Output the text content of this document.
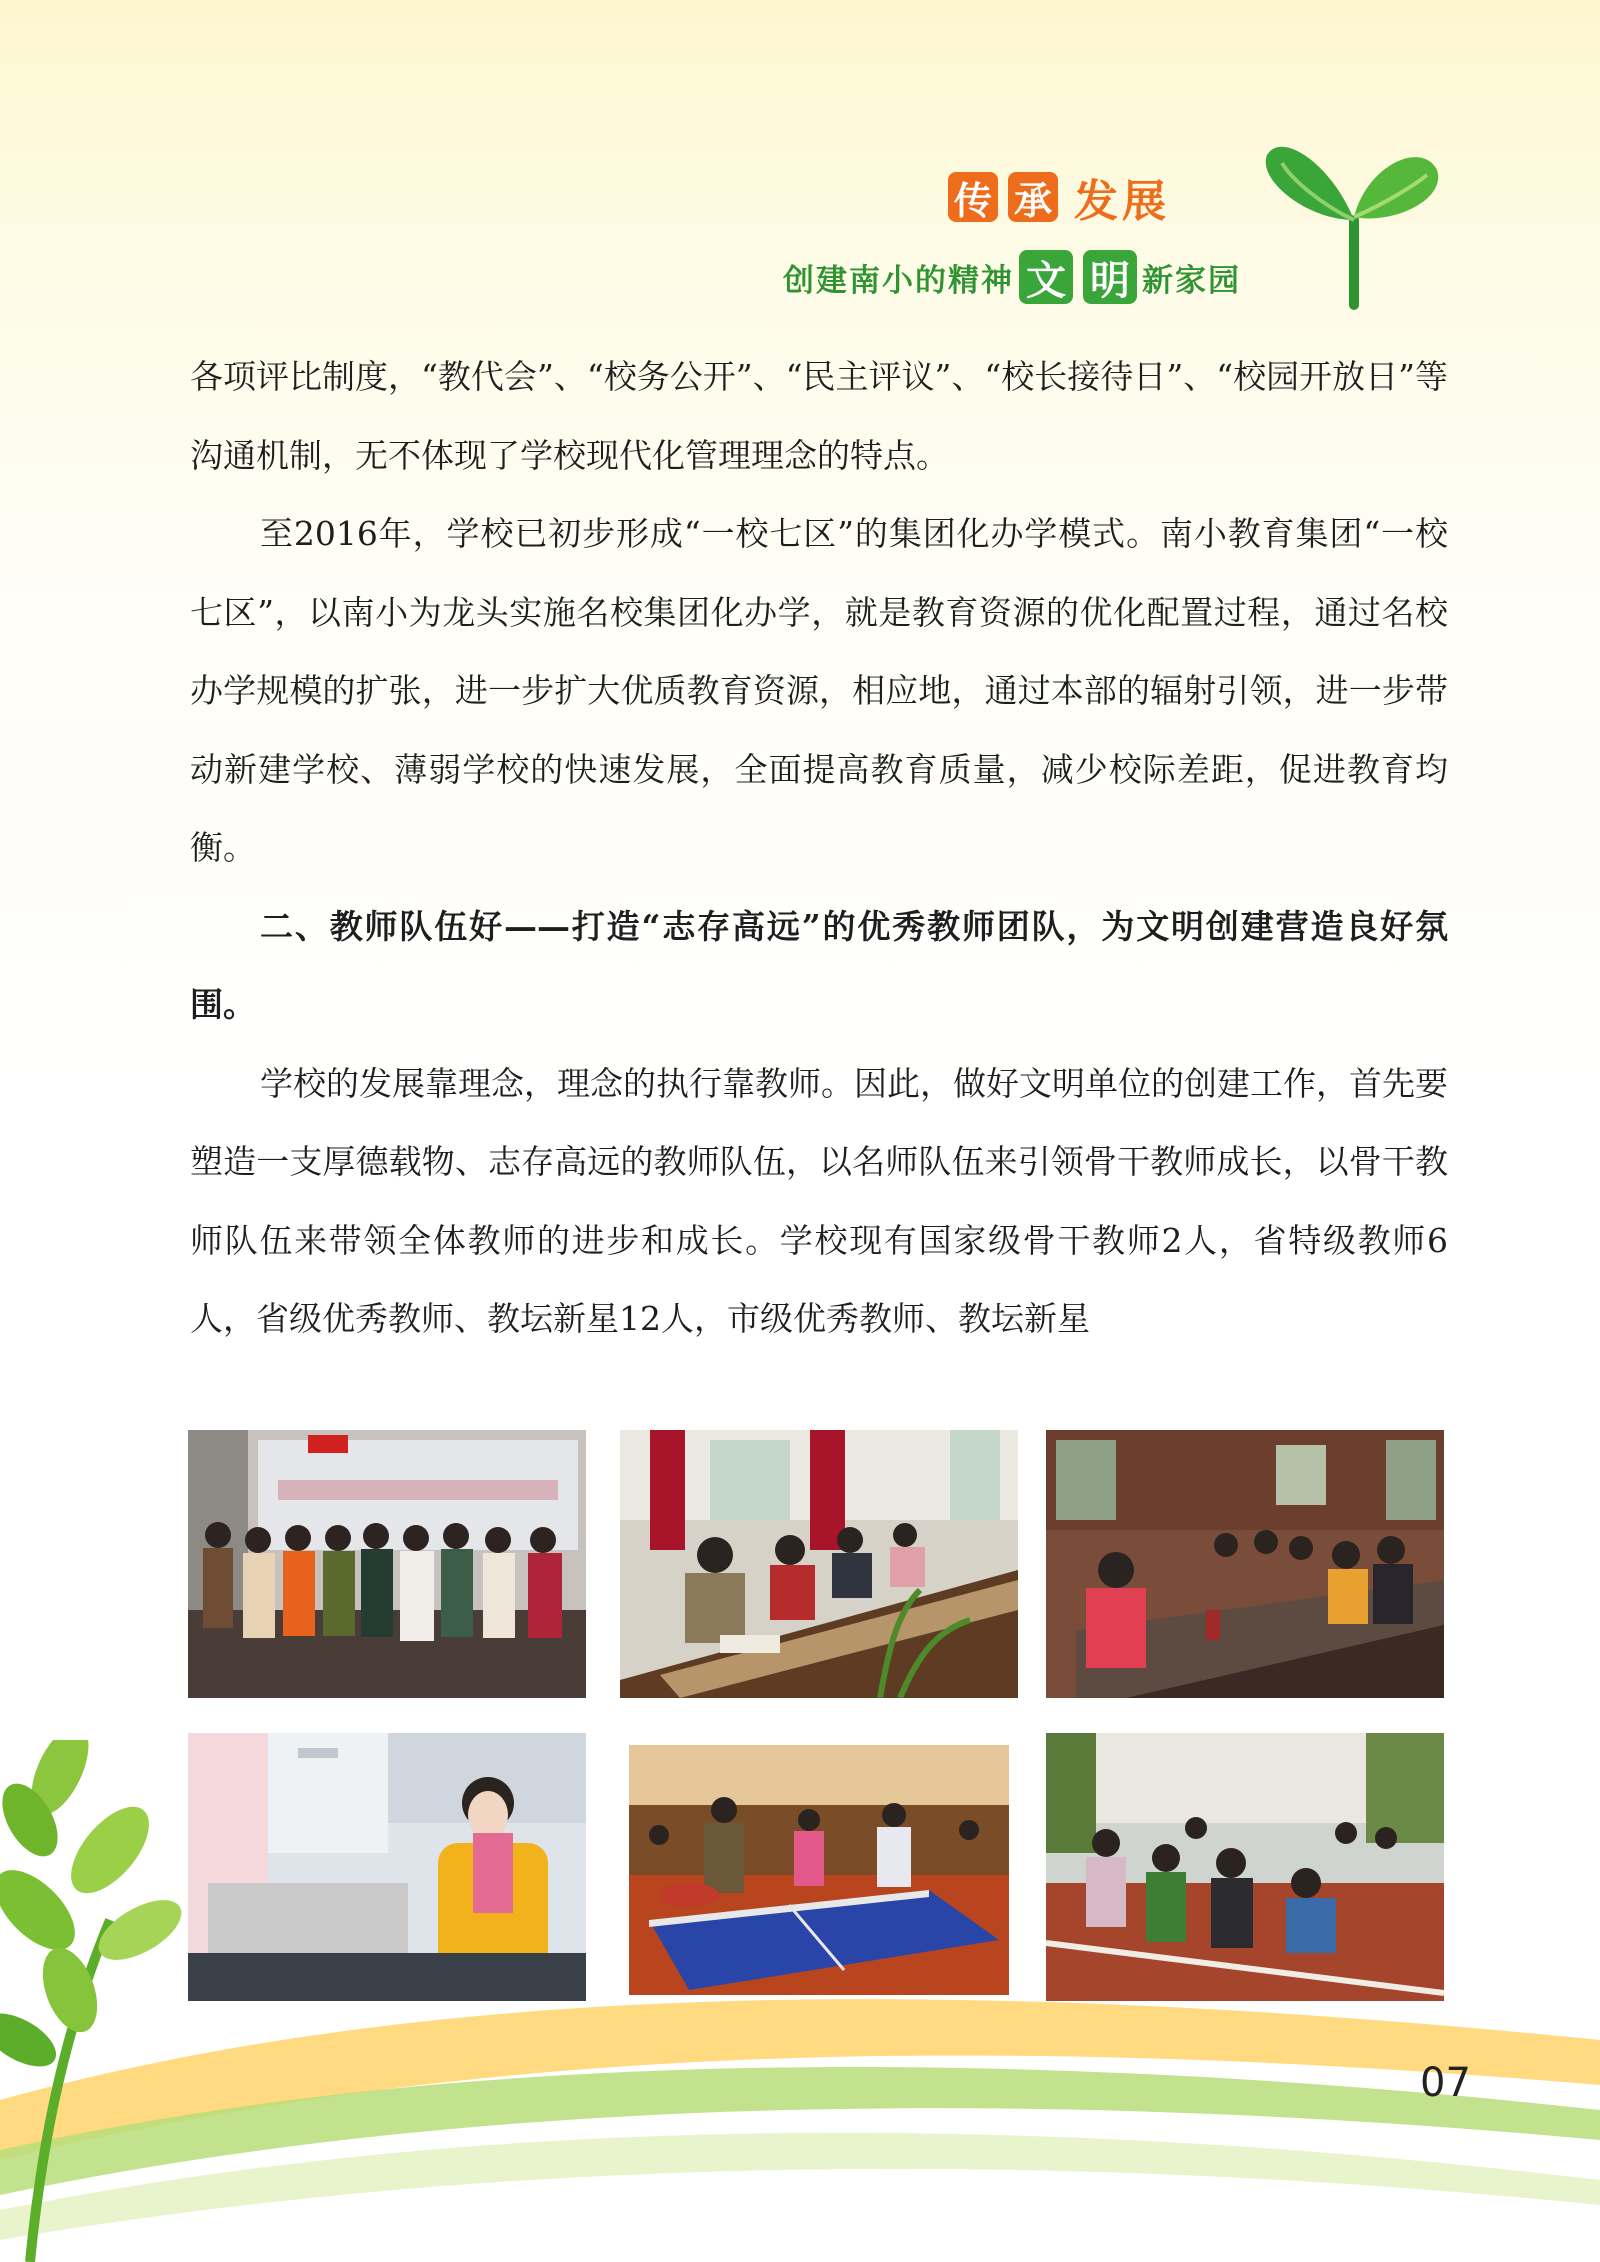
传 承 发展
创建南小的精神 文 明 新家园

各项评比制度，“教代会”、“校务公开”、“民主评议”、“校长接待日”、“校园开放日”等沟通机制，无不体现了学校现代化管理理念的特点。

至2016年，学校已初步形成“一校七区”的集团化办学模式。南小教育集团“一校七区”，以南小为龙头实施名校集团化办学，就是教育资源的优化配置过程，通过名校办学规模的扩张，进一步扩大优质教育资源，相应地，通过本部的辐射引领，进一步带动新建学校、薄弱学校的快速发展，全面提高教育质量，减少校际差距，促进教育均衡。

二、教师队伍好——打造“志存高远”的优秀教师团队，为文明创建营造良好氛围。

学校的发展靠理念，理念的执行靠教师。因此，做好文明单位的创建工作，首先要塑造一支厚德载物、志存高远的教师队伍，以名师队伍来引领骨干教师成长，以骨干教师队伍来带领全体教师的进步和成长。学校现有国家级骨干教师2人，省特级教师6人，省级优秀教师、教坛新星12人，市级优秀教师、教坛新星

07
